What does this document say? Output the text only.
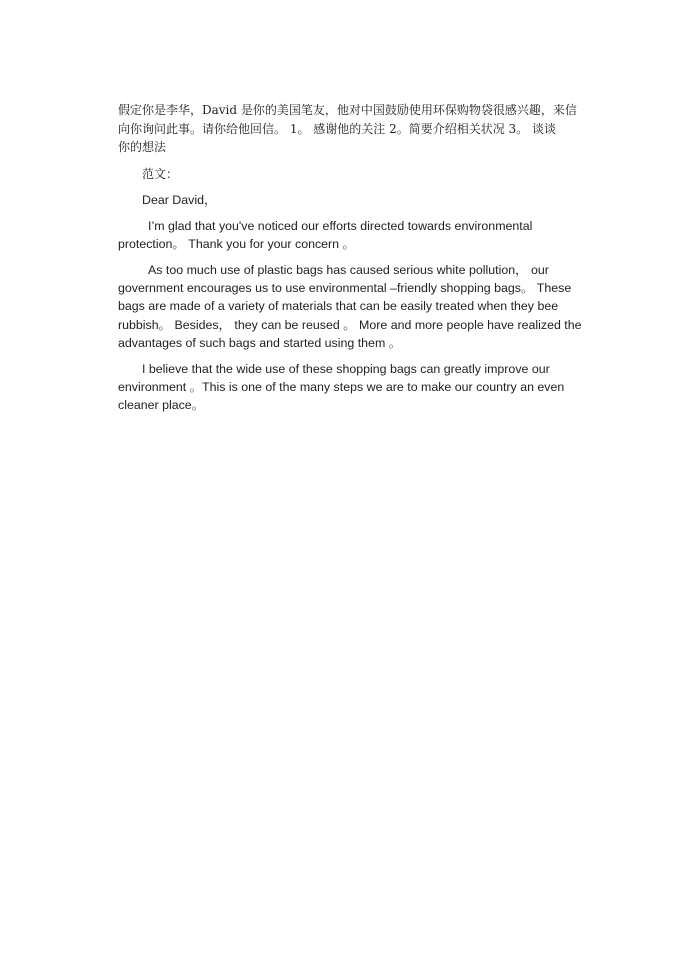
假定你是李华，David 是你的美国笔友，他对中国鼓励使用环保购物袋很感兴趣，来信
向你询问此事。请你给他回信。 1。 感谢他的关注 2。简要介绍相关状况 3。 谈谈
你的想法
范文：
Dear David，
I’m glad that you've noticed our efforts directed towards environmental
protection。 Thank you for your concern 。
As too much use of plastic bags has caused serious white pollution， our
government encourages us to use environmental –friendly shopping bags。 These
bags are made of a variety of materials that can be easily treated when they bee
rubbish。 Besides， they can be reused 。 More and more people have realized the
advantages of such bags and started using them 。
I believe that the wide use of these shopping bags can greatly improve our
environment 。This is one of the many steps we are to make our country an even
cleaner place。
